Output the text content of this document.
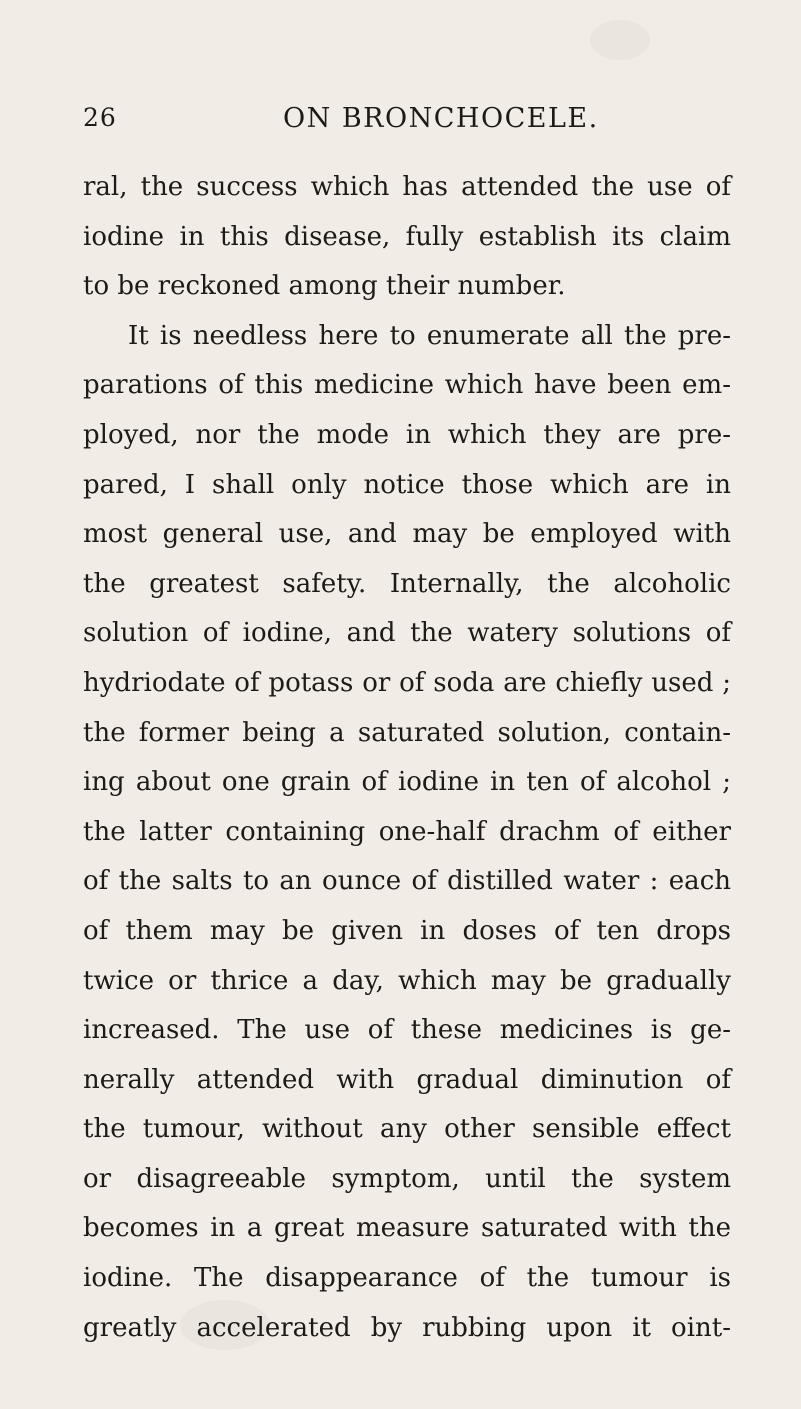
26	ON BRONCHOCELE.
ral, the success which has attended the use of
iodine in this disease, fully establish its claim
to be reckoned among their number.
It is needless here to enumerate all the pre-
parations of this medicine which have been em-
ployed, nor the mode in which they are pre-
pared, I shall only notice those which are in
most general use, and may be employed with
the greatest safety. Internally, the alcoholic
solution of iodine, and the watery solutions of
hydriodate of potass or of soda are chiefly used ;
the former being a saturated solution, contain-
ing about one grain of iodine in ten of alcohol ;
the latter containing one-half drachm of either
of the salts to an ounce of distilled water : each
of them may be given in doses of ten drops
twice or thrice a day, which may be gradually
increased. The use of these medicines is ge-
nerally attended with gradual diminution of
the tumour, without any other sensible effect
or disagreeable symptom, until the system
becomes in a great measure saturated with the
iodine. The disappearance of the tumour is
greatly accelerated by rubbing upon it oint-
